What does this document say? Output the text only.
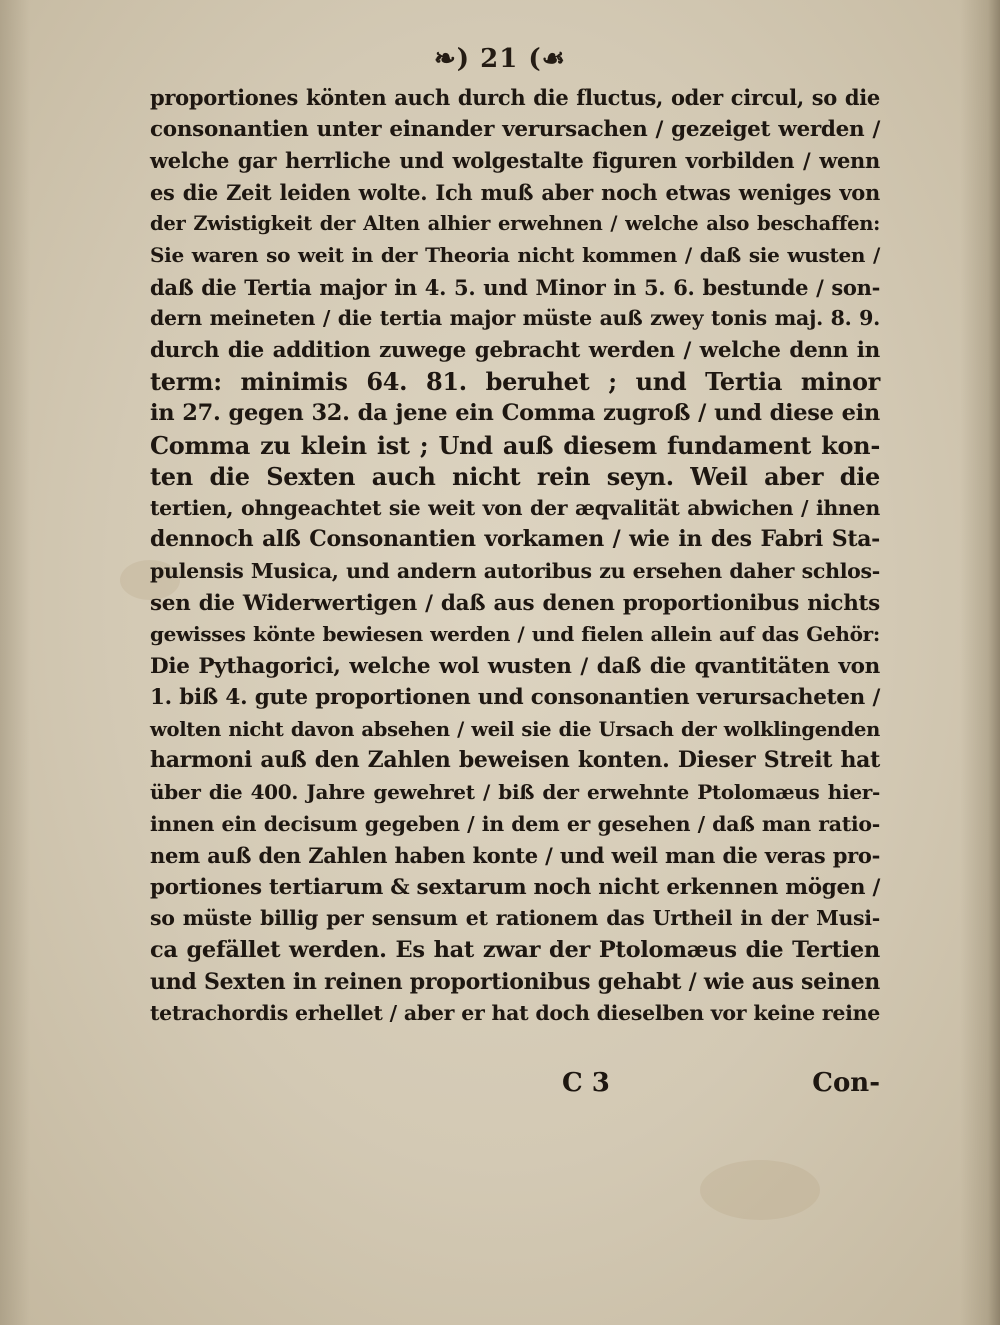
❧) 21 (☙
proportiones könten auch durch die fluctus, oder circul, so die
consonantien unter einander verursachen / gezeiget werden /
welche gar herrliche und wolgestalte figuren vorbilden / wenn
es die Zeit leiden wolte. Ich muß aber noch etwas weniges von
der Zwistigkeit der Alten alhier erwehnen / welche also beschaffen:
Sie waren so weit in der Theoria nicht kommen / daß sie wusten /
daß die Tertia major in 4. 5. und Minor in 5. 6. bestunde / son-
dern meineten / die tertia major müste auß zwey tonis maj. 8. 9.
durch die addition zuwege gebracht werden / welche denn in
term: minimis 64. 81. beruhet ; und Tertia minor
in 27. gegen 32. da jene ein Comma zugroß / und diese ein
Comma zu klein ist ; Und auß diesem fundament kon-
ten die Sexten auch nicht rein seyn. Weil aber die
tertien, ohngeachtet sie weit von der æqvalität abwichen / ihnen
dennoch alß Consonantien vorkamen / wie in des Fabri Sta-
pulensis Musica, und andern autoribus zu ersehen daher schlos-
sen die Widerwertigen / daß aus denen proportionibus nichts
gewisses könte bewiesen werden / und fielen allein auf das Gehör:
Die Pythagorici, welche wol wusten / daß die qvantitäten von
1. biß 4. gute proportionen und consonantien verursacheten /
wolten nicht davon absehen / weil sie die Ursach der wolklingenden
harmoni auß den Zahlen beweisen konten. Dieser Streit hat
über die 400. Jahre gewehret / biß der erwehnte Ptolomæus hier-
innen ein decisum gegeben / in dem er gesehen / daß man ratio-
nem auß den Zahlen haben konte / und weil man die veras pro-
portiones tertiarum & sextarum noch nicht erkennen mögen /
so müste billig per sensum et rationem das Urtheil in der Musi-
ca gefället werden. Es hat zwar der Ptolomæus die Tertien
und Sexten in reinen proportionibus gehabt / wie aus seinen
tetrachordis erhellet / aber er hat doch dieselben vor keine reine
C 3	Con-
